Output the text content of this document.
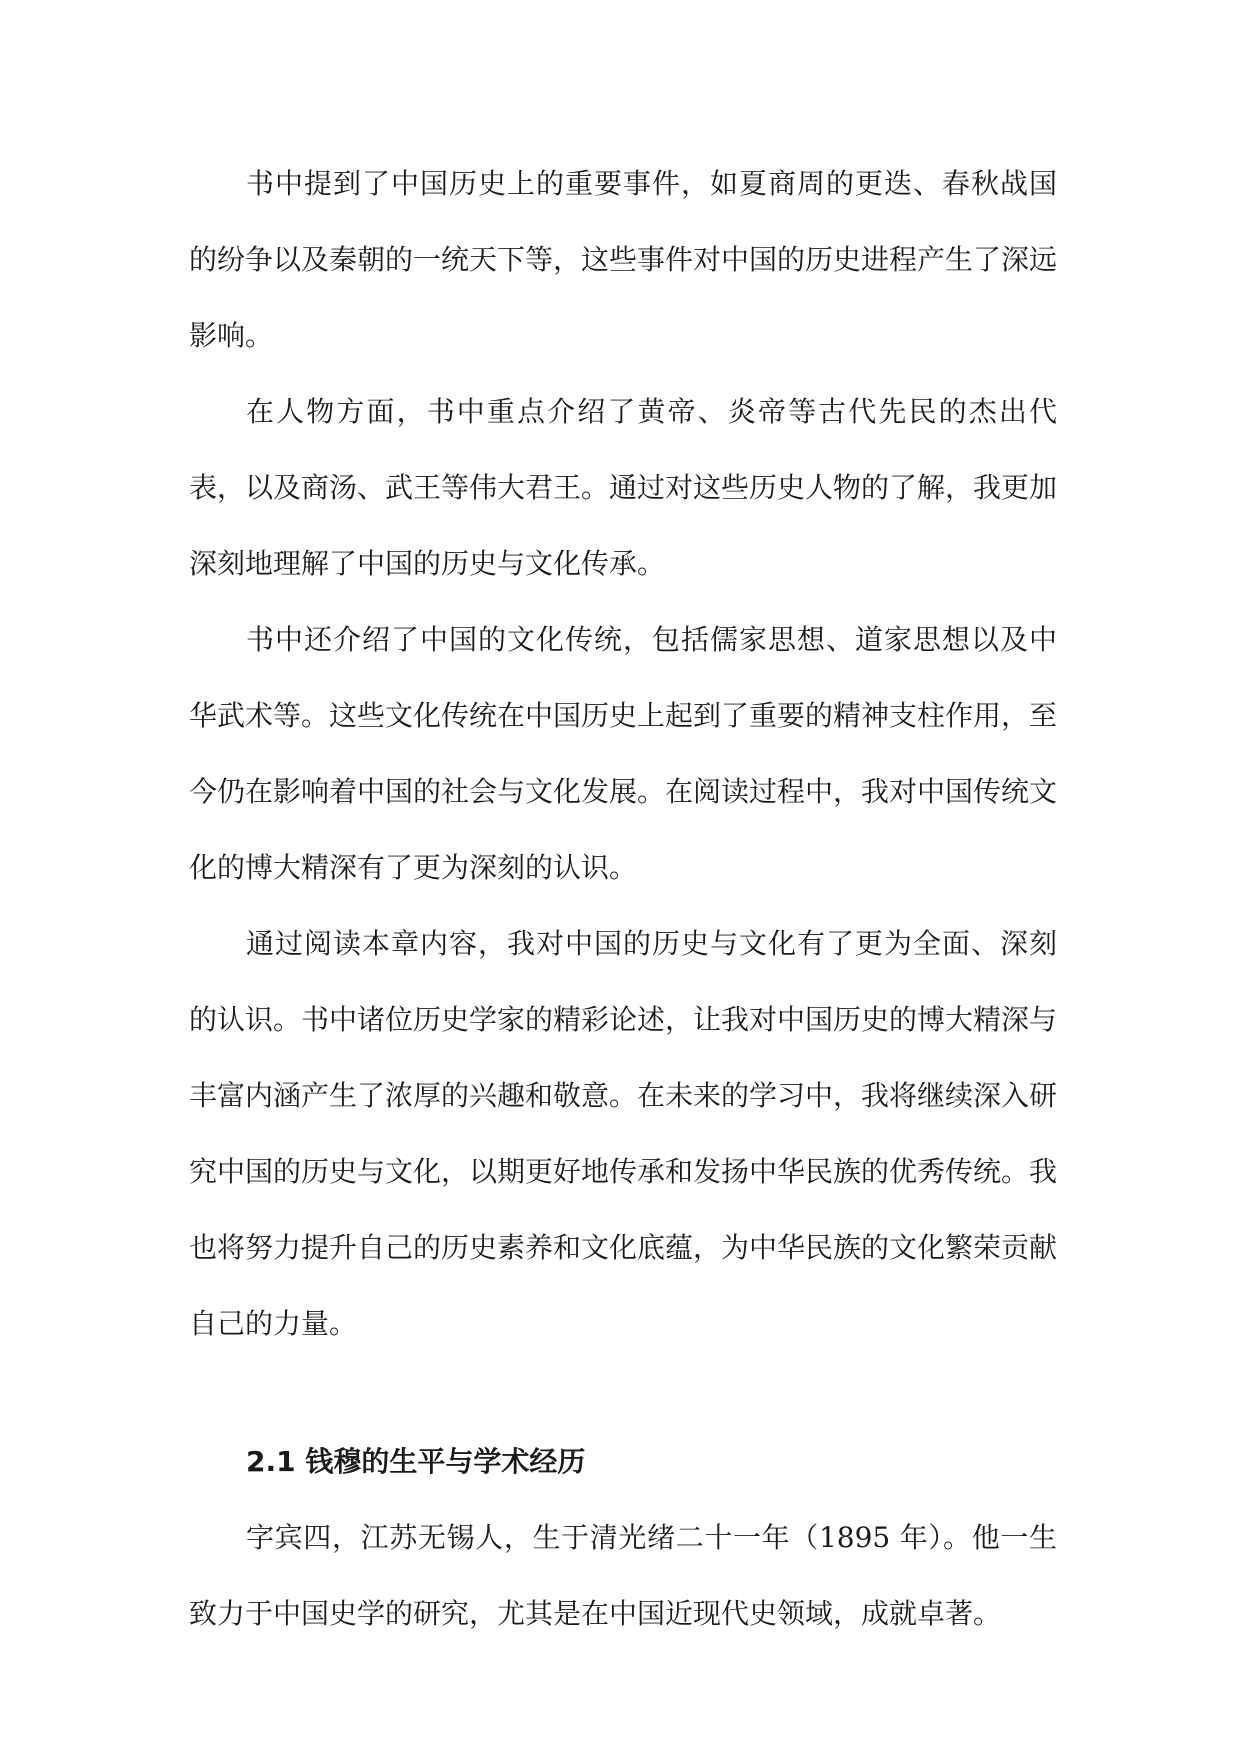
书中提到了中国历史上的重要事件，如夏商周的更迭、春秋战国的纷争以及秦朝的一统天下等，这些事件对中国的历史进程产生了深远影响。

在人物方面，书中重点介绍了黄帝、炎帝等古代先民的杰出代表，以及商汤、武王等伟大君王。通过对这些历史人物的了解，我更加深刻地理解了中国的历史与文化传承。

书中还介绍了中国的文化传统，包括儒家思想、道家思想以及中华武术等。这些文化传统在中国历史上起到了重要的精神支柱作用，至今仍在影响着中国的社会与文化发展。在阅读过程中，我对中国传统文化的博大精深有了更为深刻的认识。

通过阅读本章内容，我对中国的历史与文化有了更为全面、深刻的认识。书中诸位历史学家的精彩论述，让我对中国历史的博大精深与丰富内涵产生了浓厚的兴趣和敬意。在未来的学习中，我将继续深入研究中国的历史与文化，以期更好地传承和发扬中华民族的优秀传统。我也将努力提升自己的历史素养和文化底蕴，为中华民族的文化繁荣贡献自己的力量。

2.1 钱穆的生平与学术经历

字宾四，江苏无锡人，生于清光绪二十一年（1895 年）。他一生致力于中国史学的研究，尤其是在中国近现代史领域，成就卓著。
